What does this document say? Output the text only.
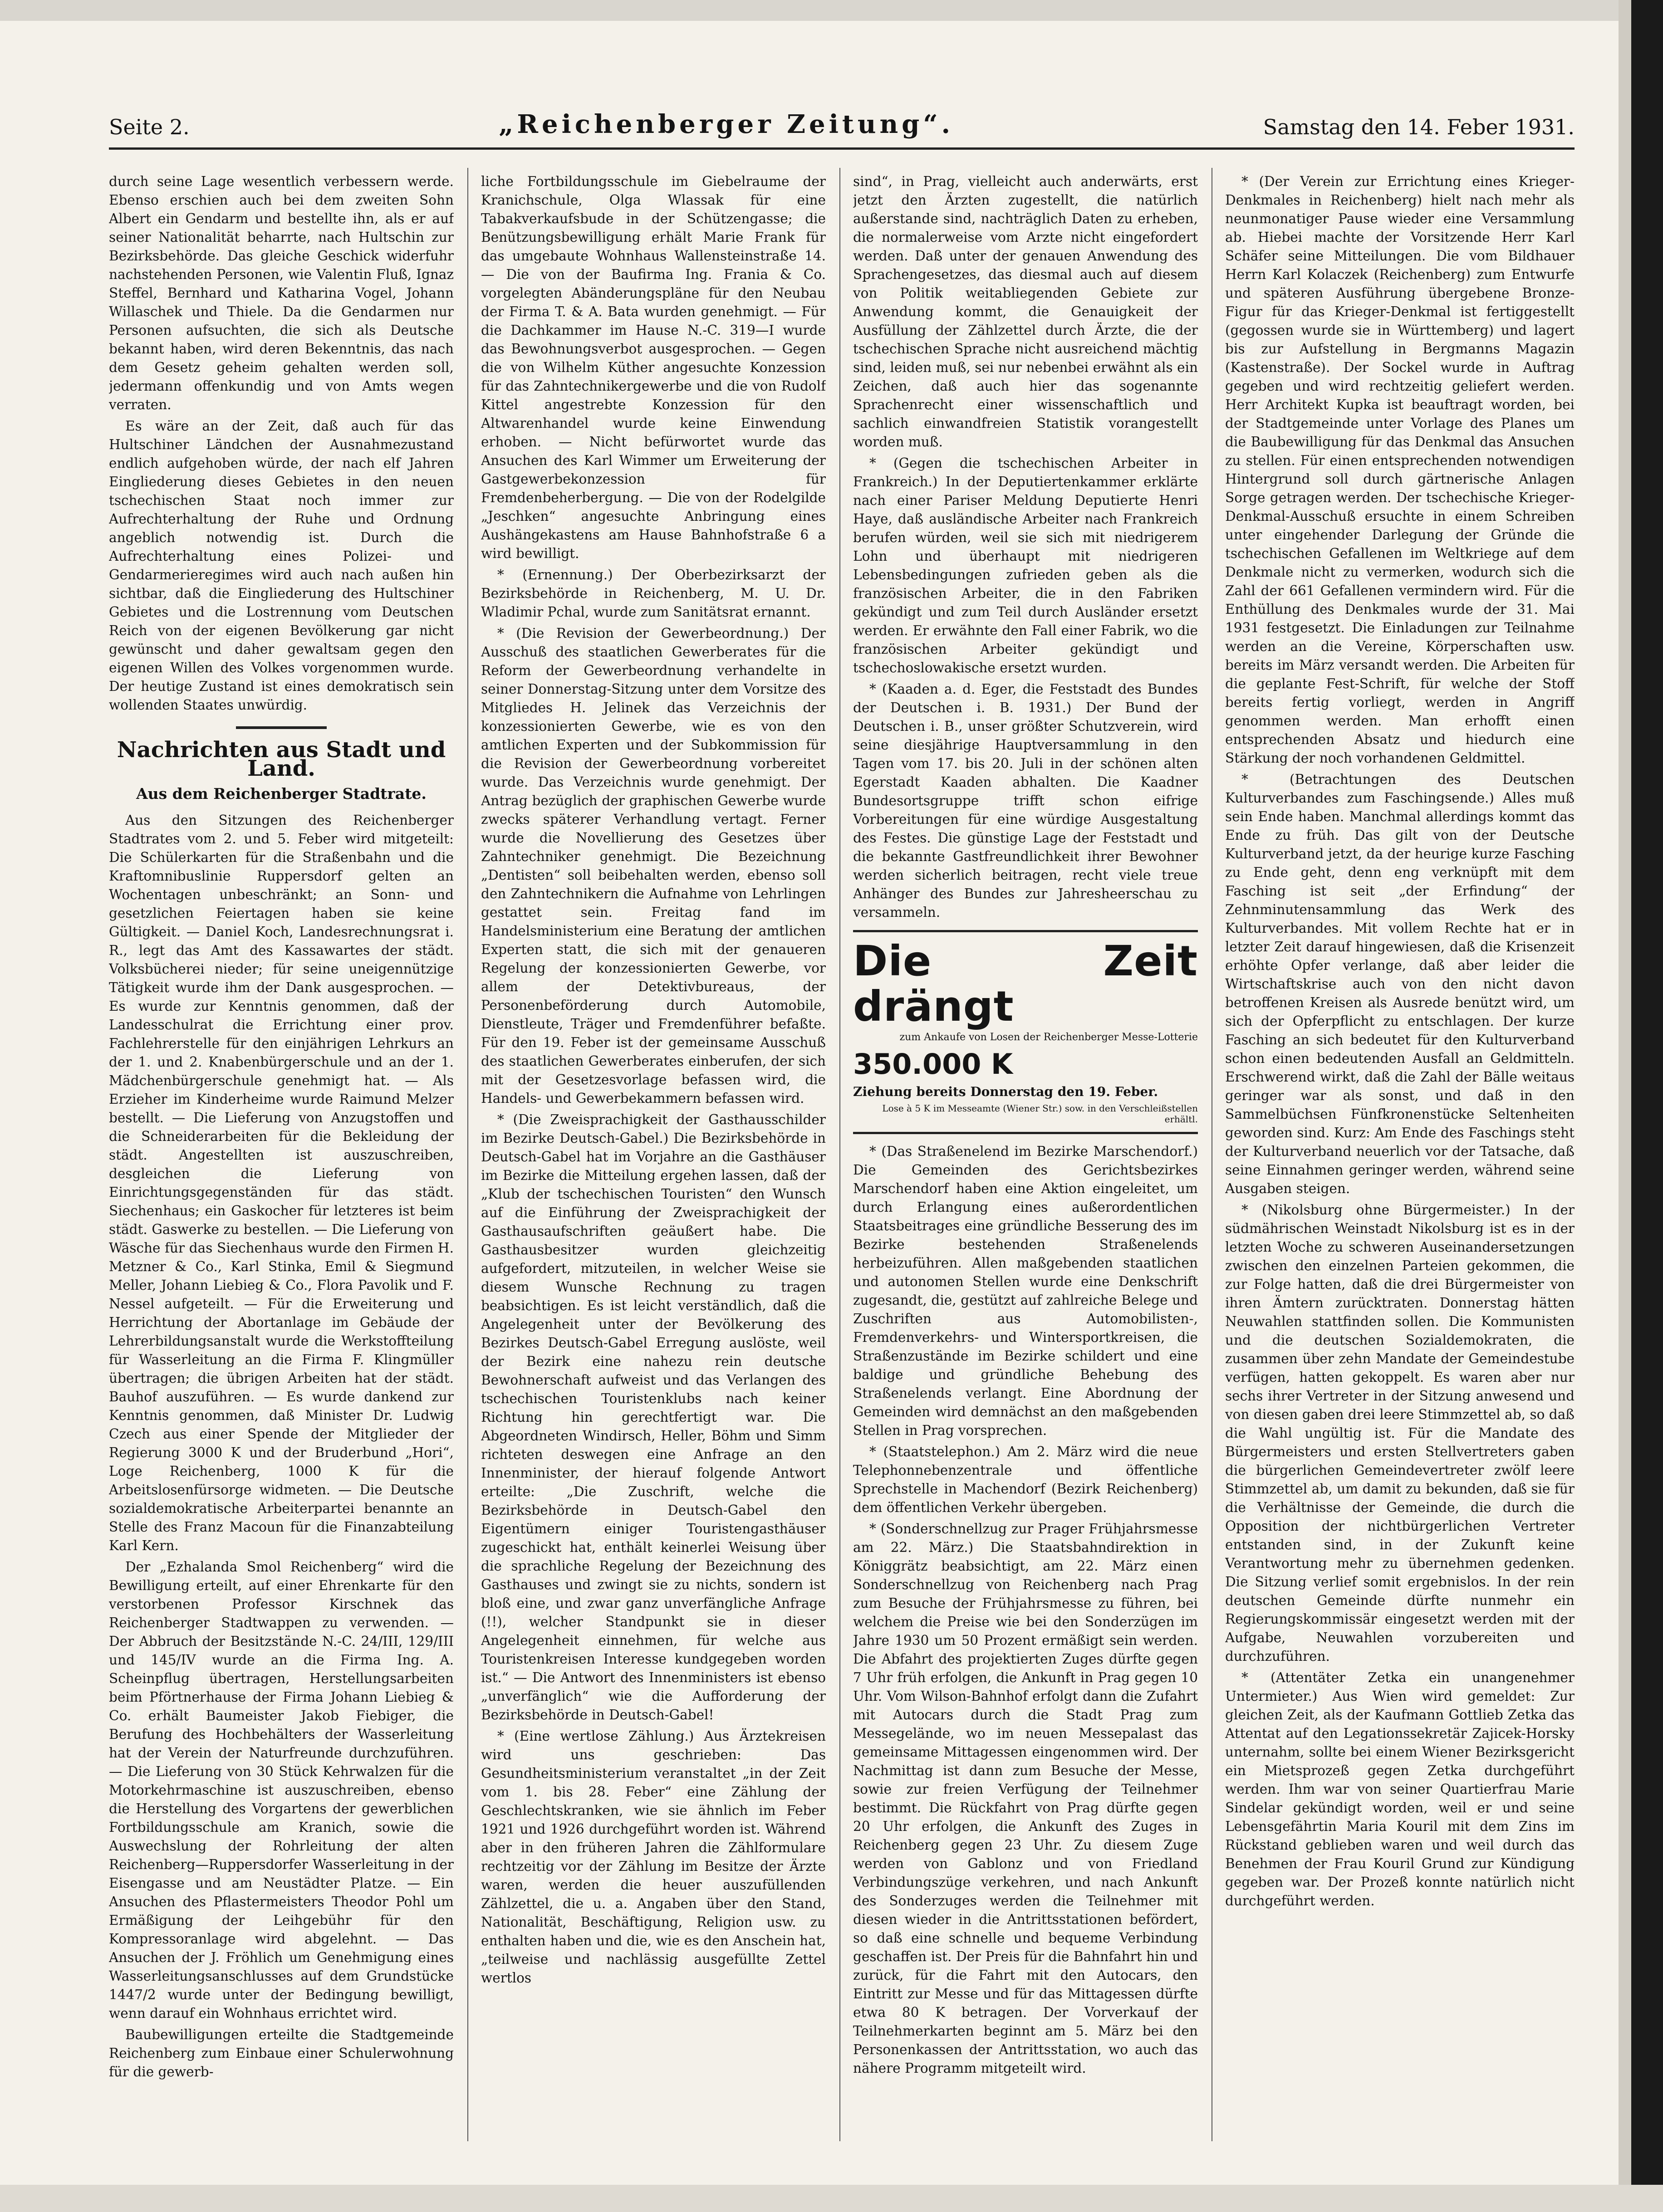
Seite 2.	„Reichenberger Zeitung“.	Samstag den 14. Feber 1931.

durch seine Lage wesentlich verbessern werde. Ebenso erschien auch bei dem zweiten Sohn Albert ein Gendarm und bestellte ihn, als er auf seiner Nationalität beharrte, nach Hultschin zur Bezirksbehörde. Das gleiche Geschick widerfuhr nachstehenden Personen, wie Valentin Fluß, Ignaz Steffel, Bernhard und Katharina Vogel, Johann Willaschek und Thiele. Da die Gendarmen nur Personen aufsuchten, die sich als Deutsche bekannt haben, wird deren Bekenntnis, das nach dem Gesetz geheim gehalten werden soll, jedermann offenkundig und von Amts wegen verraten.

Es wäre an der Zeit, daß auch für das Hultschiner Ländchen der Ausnahmezustand endlich aufgehoben würde, der nach elf Jahren Eingliederung dieses Gebietes in den neuen tschechischen Staat noch immer zur Aufrechterhaltung der Ruhe und Ordnung angeblich notwendig ist. Durch die Aufrechterhaltung eines Polizei- und Gendarmerieregimes wird auch nach außen hin sichtbar, daß die Eingliederung des Hultschiner Gebietes und die Lostrennung vom Deutschen Reich von der eigenen Bevölkerung gar nicht gewünscht und daher gewaltsam gegen den eigenen Willen des Volkes vorgenommen wurde. Der heutige Zustand ist eines demokratisch sein wollenden Staates unwürdig.

Nachrichten aus Stadt und Land.
Aus dem Reichenberger Stadtrate.

Aus den Sitzungen des Reichenberger Stadtrates vom 2. und 5. Feber wird mitgeteilt: Die Schülerkarten für die Straßenbahn und die Kraftomnibuslinie Ruppersdorf gelten an Wochentagen unbeschränkt; an Sonn- und gesetzlichen Feiertagen haben sie keine Gültigkeit. — Daniel Koch, Landesrechnungsrat i. R., legt das Amt des Kassawartes der städt. Volksbücherei nieder; für seine uneigennützige Tätigkeit wurde ihm der Dank ausgesprochen. — Es wurde zur Kenntnis genommen, daß der Landesschulrat die Errichtung einer prov. Fachlehrerstelle für den einjährigen Lehrkurs an der 1. und 2. Knabenbürgerschule und an der 1. Mädchenbürgerschule genehmigt hat. — Als Erzieher im Kinderheime wurde Raimund Melzer bestellt. — Die Lieferung von Anzugstoffen und die Schneiderarbeiten für die Bekleidung der städt. Angestellten ist auszuschreiben, desgleichen die Lieferung von Einrichtungsgegenständen für das städt. Siechenhaus; ein Gaskocher für letzteres ist beim städt. Gaswerke zu bestellen. — Die Lieferung von Wäsche für das Siechenhaus wurde den Firmen H. Metzner & Co., Karl Stinka, Emil & Siegmund Meller, Johann Liebieg & Co., Flora Pavolik und F. Nessel aufgeteilt. — Für die Erweiterung und Herrichtung der Abortanlage im Gebäude der Lehrerbildungsanstalt wurde die Werkstoffteilung für Wasserleitung an die Firma F. Klingmüller übertragen; die übrigen Arbeiten hat der städt. Bauhof auszuführen. — Es wurde dankend zur Kenntnis genommen, daß Minister Dr. Ludwig Czech aus einer Spende der Mitglieder der Regierung 3000 K und der Bruderbund „Hori“, Loge Reichenberg, 1000 K für die Arbeitslosenfürsorge widmeten. — Die Deutsche sozialdemokratische Arbeiterpartei benannte an Stelle des Franz Macoun für die Finanzabteilung Karl Kern.

Der „Ezhalanda Smol Reichenberg“ wird die Bewilligung erteilt, auf einer Ehrenkarte für den verstorbenen Professor Kirschnek das Reichenberger Stadtwappen zu verwenden. — Der Abbruch der Besitzstände N.-C. 24/III, 129/III und 145/IV wurde an die Firma Ing. A. Scheinpflug übertragen, Herstellungsarbeiten beim Pförtnerhause der Firma Johann Liebieg & Co. erhält Baumeister Jakob Fiebiger, die Berufung des Hochbehälters der Wasserleitung hat der Verein der Naturfreunde durchzuführen. — Die Lieferung von 30 Stück Kehrwalzen für die Motorkehrmaschine ist auszuschreiben, ebenso die Herstellung des Vorgartens der gewerblichen Fortbildungsschule am Kranich, sowie die Auswechslung der Rohrleitung der alten Reichenberg—Ruppersdorfer Wasserleitung in der Eisengasse und am Neustädter Platze. — Ein Ansuchen des Pflastermeisters Theodor Pohl um Ermäßigung der Leihgebühr für den Kompressoranlage wird abgelehnt. — Das Ansuchen der J. Fröhlich um Genehmigung eines Wasserleitungsanschlusses auf dem Grundstücke 1447/2 wurde unter der Bedingung bewilligt, wenn darauf ein Wohnhaus errichtet wird.

Baubewilligungen erteilte die Stadtgemeinde Reichenberg zum Einbaue einer Schulerwohnung für die gewerb-

liche Fortbildungsschule im Giebelraume der Kranichschule, Olga Wlassak für eine Tabakverkaufsbude in der Schützengasse; die Benützungsbewilligung erhält Marie Frank für das umgebaute Wohnhaus Wallensteinstraße 14. — Die von der Baufirma Ing. Frania & Co. vorgelegten Abänderungspläne für den Neubau der Firma T. & A. Bata wurden genehmigt. — Für die Dachkammer im Hause N.-C. 319—I wurde das Bewohnungsverbot ausgesprochen. — Gegen die von Wilhelm Küther angesuchte Konzession für das Zahntechnikergewerbe und die von Rudolf Kittel angestrebte Konzession für den Altwarenhandel wurde keine Einwendung erhoben. — Nicht befürwortet wurde das Ansuchen des Karl Wimmer um Erweiterung der Gastgewerbekonzession für Fremdenbeherbergung. — Die von der Rodelgilde „Jeschken“ angesuchte Anbringung eines Aushängekastens am Hause Bahnhofstraße 6 a wird bewilligt.

* (Ernennung.) Der Oberbezirksarzt der Bezirksbehörde in Reichenberg, M. U. Dr. Wladimir Pchal, wurde zum Sanitätsrat ernannt.

* (Die Revision der Gewerbeordnung.) Der Ausschuß des staatlichen Gewerberates für die Reform der Gewerbeordnung verhandelte in seiner Donnerstag-Sitzung unter dem Vorsitze des Mitgliedes H. Jelinek das Verzeichnis der konzessionierten Gewerbe, wie es von den amtlichen Experten und der Subkommission für die Revision der Gewerbeordnung vorbereitet wurde. Das Verzeichnis wurde genehmigt. Der Antrag bezüglich der graphischen Gewerbe wurde zwecks späterer Verhandlung vertagt. Ferner wurde die Novellierung des Gesetzes über Zahntechniker genehmigt. Die Bezeichnung „Dentisten“ soll beibehalten werden, ebenso soll den Zahntechnikern die Aufnahme von Lehrlingen gestattet sein. Freitag fand im Handelsministerium eine Beratung der amtlichen Experten statt, die sich mit der genaueren Regelung der konzessionierten Gewerbe, vor allem der Detektivbureaus, der Personenbeförderung durch Automobile, Dienstleute, Träger und Fremdenführer befaßte. Für den 19. Feber ist der gemeinsame Ausschuß des staatlichen Gewerberates einberufen, der sich mit der Gesetzesvorlage befassen wird, die Handels- und Gewerbekammern befassen wird.

* (Die Zweisprachigkeit der Gasthausschilder im Bezirke Deutsch-Gabel.) Die Bezirksbehörde in Deutsch-Gabel hat im Vorjahre an die Gasthäuser im Bezirke die Mitteilung ergehen lassen, daß der „Klub der tschechischen Touristen“ den Wunsch auf die Einführung der Zweisprachigkeit der Gasthausaufschriften geäußert habe. Die Gasthausbesitzer wurden gleichzeitig aufgefordert, mitzuteilen, in welcher Weise sie diesem Wunsche Rechnung zu tragen beabsichtigen. Es ist leicht verständlich, daß die Angelegenheit unter der Bevölkerung des Bezirkes Deutsch-Gabel Erregung auslöste, weil der Bezirk eine nahezu rein deutsche Bewohnerschaft aufweist und das Verlangen des tschechischen Touristenklubs nach keiner Richtung hin gerechtfertigt war. Die Abgeordneten Windirsch, Heller, Böhm und Simm richteten deswegen eine Anfrage an den Innenminister, der hierauf folgende Antwort erteilte: „Die Zuschrift, welche die Bezirksbehörde in Deutsch-Gabel den Eigentümern einiger Touristengasthäuser zugeschickt hat, enthält keinerlei Weisung über die sprachliche Regelung der Bezeichnung des Gasthauses und zwingt sie zu nichts, sondern ist bloß eine, und zwar ganz unverfängliche Anfrage (!!), welcher Standpunkt sie in dieser Angelegenheit einnehmen, für welche aus Touristenkreisen Interesse kundgegeben worden ist.“ — Die Antwort des Innenministers ist ebenso „unverfänglich“ wie die Aufforderung der Bezirksbehörde in Deutsch-Gabel!

* (Eine wertlose Zählung.) Aus Ärztekreisen wird uns geschrieben: Das Gesundheitsministerium veranstaltet „in der Zeit vom 1. bis 28. Feber“ eine Zählung der Geschlechtskranken, wie sie ähnlich im Feber 1921 und 1926 durchgeführt worden ist. Während aber in den früheren Jahren die Zählformulare rechtzeitig vor der Zählung im Besitze der Ärzte waren, werden die heuer auszufüllenden Zählzettel, die u. a. Angaben über den Stand, Nationalität, Beschäftigung, Religion usw. zu enthalten haben und die, wie es den Anschein hat, „teilweise und nachlässig ausgefüllte Zettel wertlos

sind“, in Prag, vielleicht auch anderwärts, erst jetzt den Ärzten zugestellt, die natürlich außerstande sind, nachträglich Daten zu erheben, die normalerweise vom Arzte nicht eingefordert werden. Daß unter der genauen Anwendung des Sprachengesetzes, das diesmal auch auf diesem von Politik weitabliegenden Gebiete zur Anwendung kommt, die Genauigkeit der Ausfüllung der Zählzettel durch Ärzte, die der tschechischen Sprache nicht ausreichend mächtig sind, leiden muß, sei nur nebenbei erwähnt als ein Zeichen, daß auch hier das sogenannte Sprachenrecht einer wissenschaftlich und sachlich einwandfreien Statistik vorangestellt worden muß.

* (Gegen die tschechischen Arbeiter in Frankreich.) In der Deputiertenkammer erklärte nach einer Pariser Meldung Deputierte Henri Haye, daß ausländische Arbeiter nach Frankreich berufen würden, weil sie sich mit niedrigerem Lohn und überhaupt mit niedrigeren Lebensbedingungen zufrieden geben als die französischen Arbeiter, die in den Fabriken gekündigt und zum Teil durch Ausländer ersetzt werden. Er erwähnte den Fall einer Fabrik, wo die französischen Arbeiter gekündigt und tschechoslowakische ersetzt wurden.

* (Kaaden a. d. Eger, die Feststadt des Bundes der Deutschen i. B. 1931.) Der Bund der Deutschen i. B., unser größter Schutzverein, wird seine diesjährige Hauptversammlung in den Tagen vom 17. bis 20. Juli in der schönen alten Egerstadt Kaaden abhalten. Die Kaadner Bundesortsgruppe trifft schon eifrige Vorbereitungen für eine würdige Ausgestaltung des Festes. Die günstige Lage der Feststadt und die bekannte Gastfreundlichkeit ihrer Bewohner werden sicherlich beitragen, recht viele treue Anhänger des Bundes zur Jahresheerschau zu versammeln.

Die Zeit drängt
zum Ankaufe von Losen der Reichenberger Messe-Lotterie
350.000 K
Ziehung bereits Donnerstag den 19. Feber.
Lose à 5 K im Messeamte (Wiener Str.) sow. in den Verschleißstellen erhältl.

* (Das Straßenelend im Bezirke Marschendorf.) Die Gemeinden des Gerichtsbezirkes Marschendorf haben eine Aktion eingeleitet, um durch Erlangung eines außerordentlichen Staatsbeitrages eine gründliche Besserung des im Bezirke bestehenden Straßenelends herbeizuführen. Allen maßgebenden staatlichen und autonomen Stellen wurde eine Denkschrift zugesandt, die, gestützt auf zahlreiche Belege und Zuschriften aus Automobilisten-, Fremdenverkehrs- und Wintersportkreisen, die Straßenzustände im Bezirke schildert und eine baldige und gründliche Behebung des Straßenelends verlangt. Eine Abordnung der Gemeinden wird demnächst an den maßgebenden Stellen in Prag vorsprechen.

* (Staatstelephon.) Am 2. März wird die neue Telephonnebenzentrale und öffentliche Sprechstelle in Machendorf (Bezirk Reichenberg) dem öffentlichen Verkehr übergeben.

* (Sonderschnellzug zur Prager Frühjahrsmesse am 22. März.) Die Staatsbahndirektion in Königgrätz beabsichtigt, am 22. März einen Sonderschnellzug von Reichenberg nach Prag zum Besuche der Frühjahrsmesse zu führen, bei welchem die Preise wie bei den Sonderzügen im Jahre 1930 um 50 Prozent ermäßigt sein werden. Die Abfahrt des projektierten Zuges dürfte gegen 7 Uhr früh erfolgen, die Ankunft in Prag gegen 10 Uhr. Vom Wilson-Bahnhof erfolgt dann die Zufahrt mit Autocars durch die Stadt Prag zum Messegelände, wo im neuen Messepalast das gemeinsame Mittagessen eingenommen wird. Der Nachmittag ist dann zum Besuche der Messe, sowie zur freien Verfügung der Teilnehmer bestimmt. Die Rückfahrt von Prag dürfte gegen 20 Uhr erfolgen, die Ankunft des Zuges in Reichenberg gegen 23 Uhr. Zu diesem Zuge werden von Gablonz und von Friedland Verbindungszüge verkehren, und nach Ankunft des Sonderzuges werden die Teilnehmer mit diesen wieder in die Antrittsstationen befördert, so daß eine schnelle und bequeme Verbindung geschaffen ist. Der Preis für die Bahnfahrt hin und zurück, für die Fahrt mit den Autocars, den Eintritt zur Messe und für das Mittagessen dürfte etwa 80 K betragen. Der Vorverkauf der Teilnehmerkarten beginnt am 5. März bei den Personenkassen der Antrittsstation, wo auch das nähere Programm mitgeteilt wird.

* (Der Verein zur Errichtung eines Krieger-Denkmales in Reichenberg) hielt nach mehr als neunmonatiger Pause wieder eine Versammlung ab. Hiebei machte der Vorsitzende Herr Karl Schäfer seine Mitteilungen. Die vom Bildhauer Herrn Karl Kolaczek (Reichenberg) zum Entwurfe und späteren Ausführung übergebene Bronze-Figur für das Krieger-Denkmal ist fertiggestellt (gegossen wurde sie in Württemberg) und lagert bis zur Aufstellung in Bergmanns Magazin (Kastenstraße). Der Sockel wurde in Auftrag gegeben und wird rechtzeitig geliefert werden. Herr Architekt Kupka ist beauftragt worden, bei der Stadtgemeinde unter Vorlage des Planes um die Baubewilligung für das Denkmal das Ansuchen zu stellen. Für einen entsprechenden notwendigen Hintergrund soll durch gärtnerische Anlagen Sorge getragen werden. Der tschechische Krieger-Denkmal-Ausschuß ersuchte in einem Schreiben unter eingehender Darlegung der Gründe die tschechischen Gefallenen im Weltkriege auf dem Denkmale nicht zu vermerken, wodurch sich die Zahl der 661 Gefallenen vermindern wird. Für die Enthüllung des Denkmales wurde der 31. Mai 1931 festgesetzt. Die Einladungen zur Teilnahme werden an die Vereine, Körperschaften usw. bereits im März versandt werden. Die Arbeiten für die geplante Fest-Schrift, für welche der Stoff bereits fertig vorliegt, werden in Angriff genommen werden. Man erhofft einen entsprechenden Absatz und hiedurch eine Stärkung der noch vorhandenen Geldmittel.

* (Betrachtungen des Deutschen Kulturverbandes zum Faschingsende.) Alles muß sein Ende haben. Manchmal allerdings kommt das Ende zu früh. Das gilt von der Deutsche Kulturverband jetzt, da der heurige kurze Fasching zu Ende geht, denn eng verknüpft mit dem Fasching ist seit „der Erfindung“ der Zehnminutensammlung das Werk des Kulturverbandes. Mit vollem Rechte hat er in letzter Zeit darauf hingewiesen, daß die Krisenzeit erhöhte Opfer verlange, daß aber leider die Wirtschaftskrise auch von den nicht davon betroffenen Kreisen als Ausrede benützt wird, um sich der Opferpflicht zu entschlagen. Der kurze Fasching an sich bedeutet für den Kulturverband schon einen bedeutenden Ausfall an Geldmitteln. Erschwerend wirkt, daß die Zahl der Bälle weitaus geringer war als sonst, und daß in den Sammelbüchsen Fünfkronenstücke Seltenheiten geworden sind. Kurz: Am Ende des Faschings steht der Kulturverband neuerlich vor der Tatsache, daß seine Einnahmen geringer werden, während seine Ausgaben steigen.

* (Nikolsburg ohne Bürgermeister.) In der südmährischen Weinstadt Nikolsburg ist es in der letzten Woche zu schweren Auseinandersetzungen zwischen den einzelnen Parteien gekommen, die zur Folge hatten, daß die drei Bürgermeister von ihren Ämtern zurücktraten. Donnerstag hätten Neuwahlen stattfinden sollen. Die Kommunisten und die deutschen Sozialdemokraten, die zusammen über zehn Mandate der Gemeindestube verfügen, hatten gekoppelt. Es waren aber nur sechs ihrer Vertreter in der Sitzung anwesend und von diesen gaben drei leere Stimmzettel ab, so daß die Wahl ungültig ist. Für die Mandate des Bürgermeisters und ersten Stellvertreters gaben die bürgerlichen Gemeindevertreter zwölf leere Stimmzettel ab, um damit zu bekunden, daß sie für die Verhältnisse der Gemeinde, die durch die Opposition der nichtbürgerlichen Vertreter entstanden sind, in der Zukunft keine Verantwortung mehr zu übernehmen gedenken. Die Sitzung verlief somit ergebnislos. In der rein deutschen Gemeinde dürfte nunmehr ein Regierungskommissär eingesetzt werden mit der Aufgabe, Neuwahlen vorzubereiten und durchzuführen.

* (Attentäter Zetka ein unangenehmer Untermieter.) Aus Wien wird gemeldet: Zur gleichen Zeit, als der Kaufmann Gottlieb Zetka das Attentat auf den Legationssekretär Zajicek-Horsky unternahm, sollte bei einem Wiener Bezirksgericht ein Mietsprozeß gegen Zetka durchgeführt werden. Ihm war von seiner Quartierfrau Marie Sindelar gekündigt worden, weil er und seine Lebensgefährtin Maria Kouril mit dem Zins im Rückstand geblieben waren und weil durch das Benehmen der Frau Kouril Grund zur Kündigung gegeben war. Der Prozeß konnte natürlich nicht durchgeführt werden.
